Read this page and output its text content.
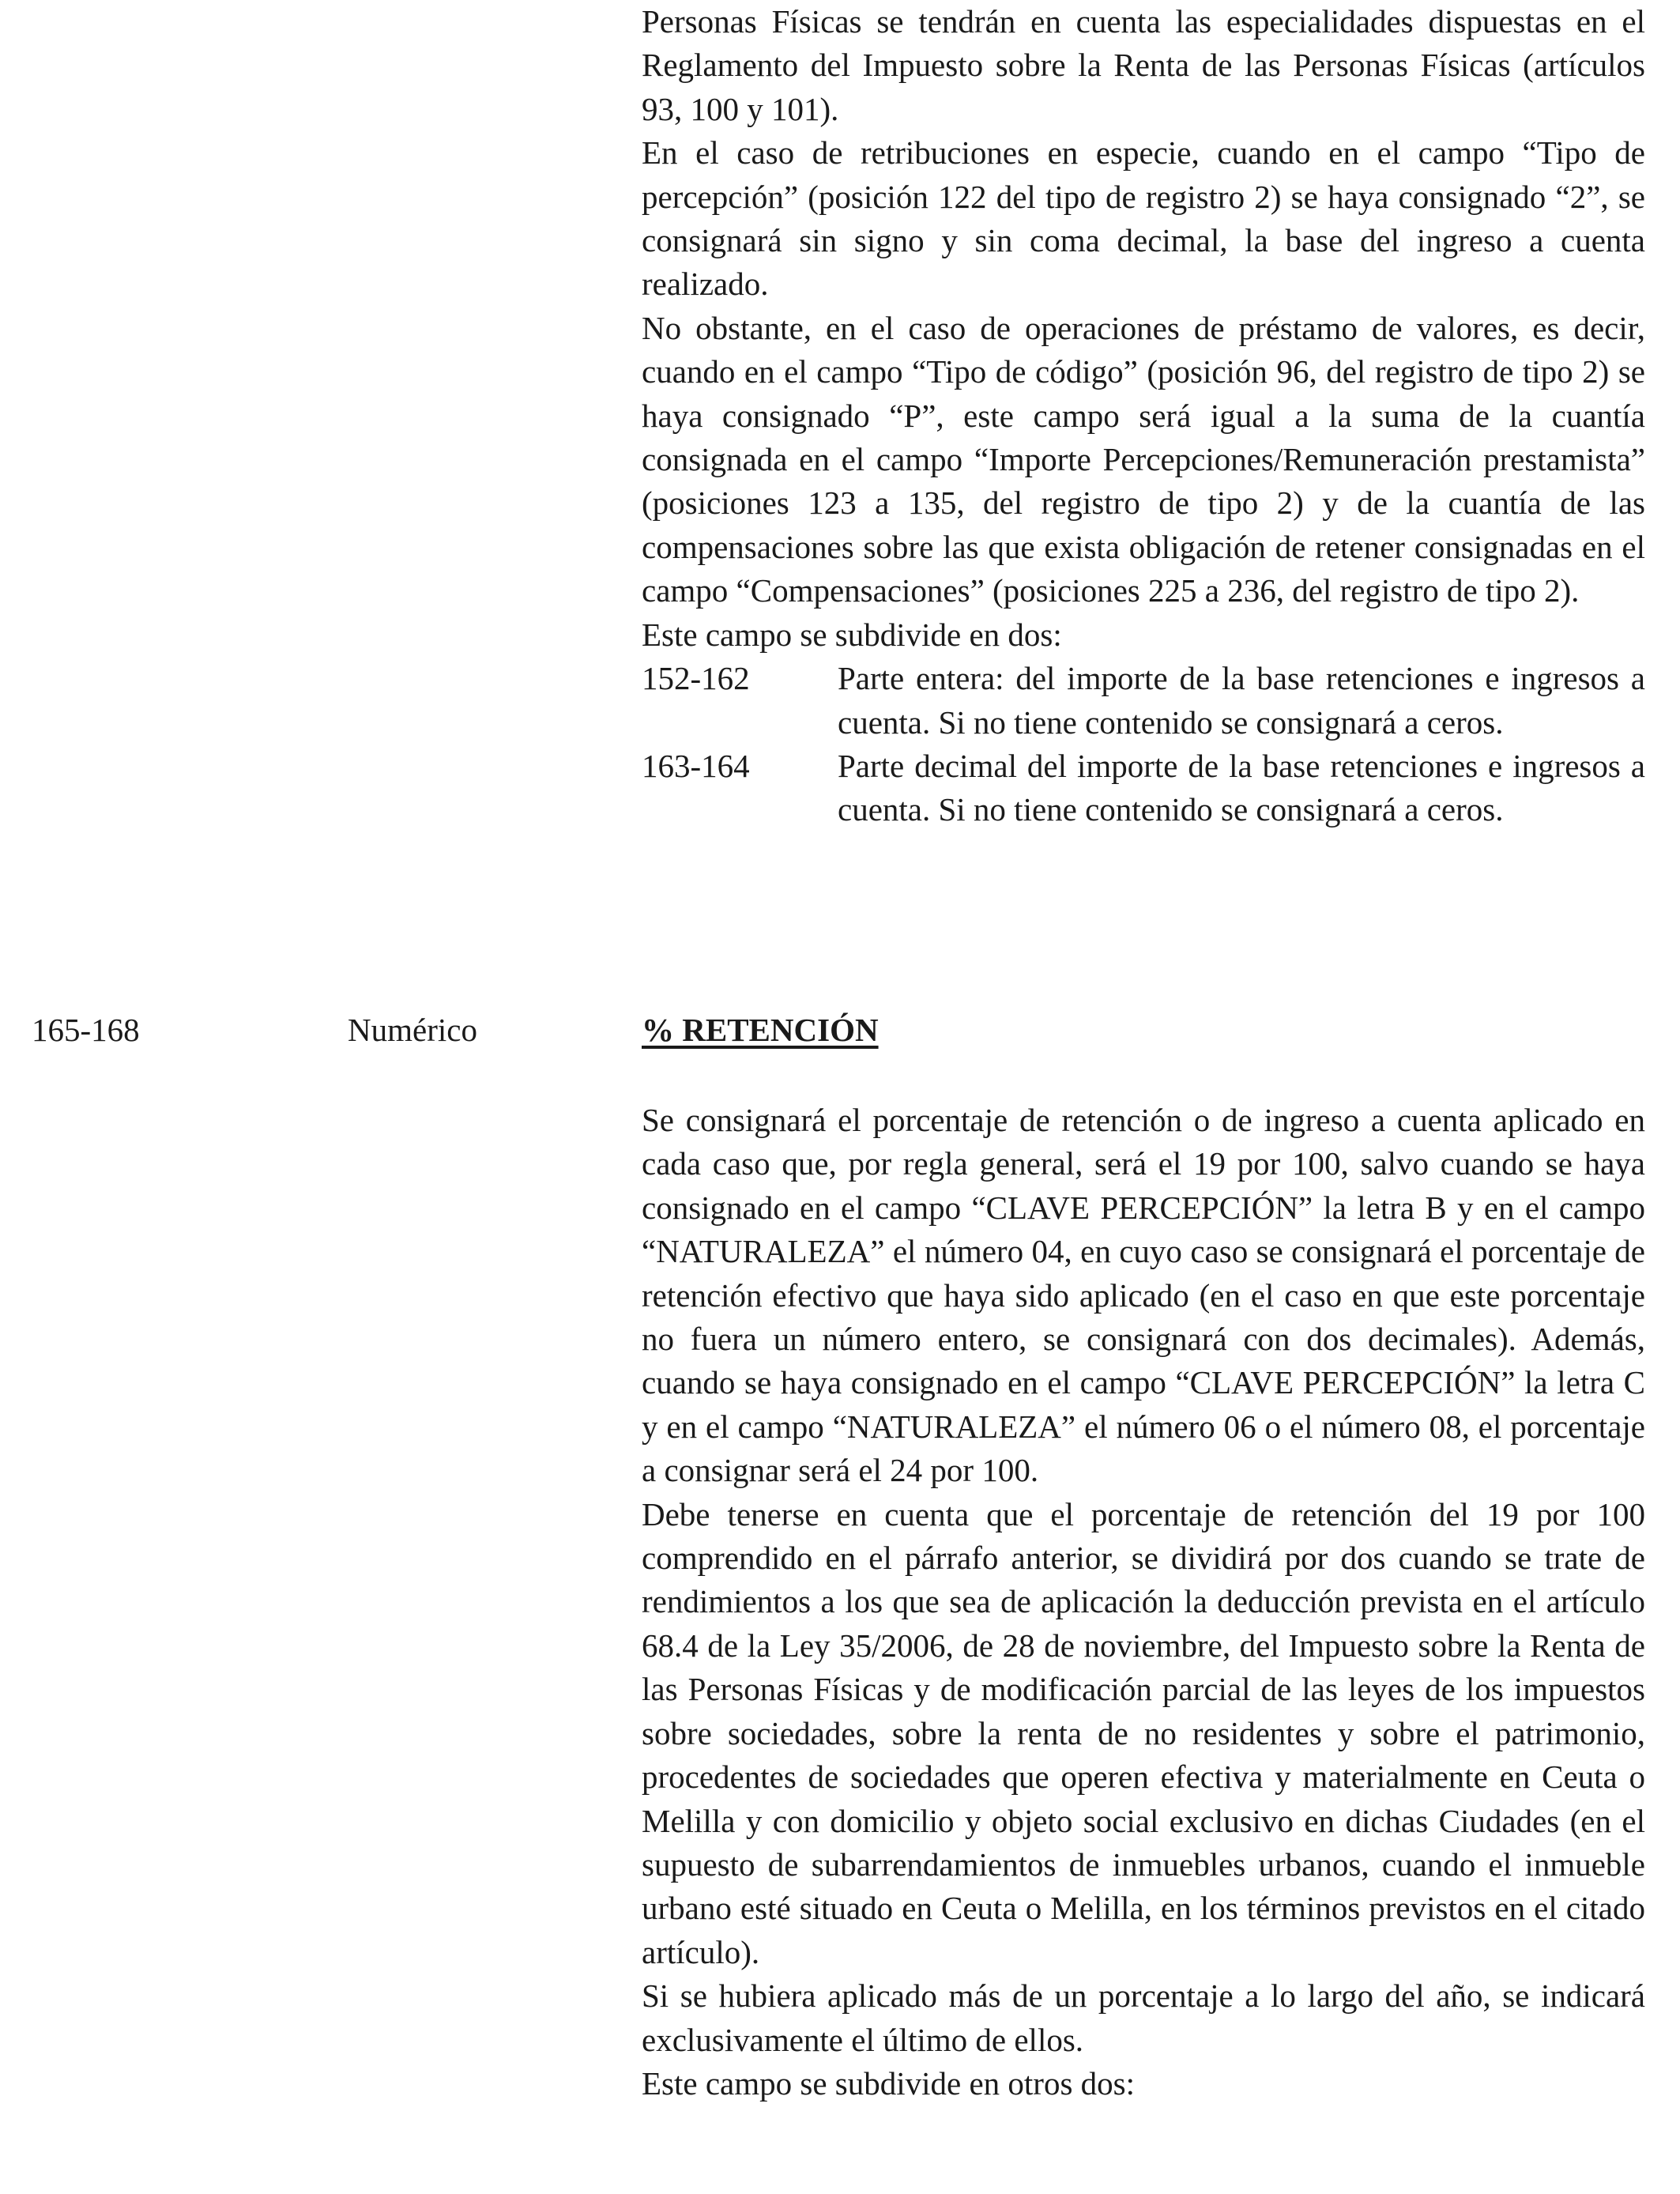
Personas Físicas se tendrán en cuenta las especialidades dispuestas en el Reglamento del Impuesto sobre la Renta de las Personas Físicas (artículos 93, 100 y 101).

En el caso de retribuciones en especie, cuando en el campo “Tipo de percepción” (posición 122 del tipo de registro 2) se haya consignado “2”, se consignará sin signo y sin coma decimal, la base del ingreso a cuenta realizado.

No obstante, en el caso de operaciones de préstamo de valores, es decir, cuando en el campo “Tipo de código” (posición 96, del registro de tipo 2) se haya consignado “P”, este campo será igual a la suma de la cuantía consignada en el campo “Importe Percepciones/Remuneración prestamista” (posiciones 123 a 135, del registro de tipo 2) y de la cuantía de las compensaciones sobre las que exista obligación de retener consignadas en el campo “Compensaciones” (posiciones 225 a 236, del registro de tipo 2).

Este campo se subdivide en dos:

152-162	Parte entera: del importe de la base retenciones e ingresos a cuenta. Si no tiene contenido se consignará a ceros.
163-164	Parte decimal del importe de la base retenciones e ingresos a cuenta. Si no tiene contenido se consignará a ceros.
165-168	Numérico	% RETENCIÓN

Se consignará el porcentaje de retención o de ingreso a cuenta aplicado en cada caso que, por regla general, será el 19 por 100, salvo cuando se haya consignado en el campo “CLAVE PERCEPCIÓN” la letra B y en el campo “NATURALEZA” el número 04, en cuyo caso se consignará el porcentaje de retención efectivo que haya sido aplicado (en el caso en que este porcentaje no fuera un número entero, se consignará con dos decimales). Además, cuando se haya consignado en el campo “CLAVE PERCEPCIÓN” la letra C y en el campo “NATURALEZA” el número 06 o el número 08, el porcentaje a consignar será el 24 por 100.

Debe tenerse en cuenta que el porcentaje de retención del 19 por 100 comprendido en el párrafo anterior, se dividirá por dos cuando se trate de rendimientos a los que sea de aplicación la deducción prevista en el artículo 68.4 de la Ley 35/2006, de 28 de noviembre, del Impuesto sobre la Renta de las Personas Físicas y de modificación parcial de las leyes de los impuestos sobre sociedades, sobre la renta de no residentes y sobre el patrimonio, procedentes de sociedades que operen efectiva y materialmente en Ceuta o Melilla y con domicilio y objeto social exclusivo en dichas Ciudades (en el supuesto de subarrendamientos de inmuebles urbanos, cuando el inmueble urbano esté situado en Ceuta o Melilla, en los términos previstos en el citado artículo).

Si se hubiera aplicado más de un porcentaje a lo largo del año, se indicará exclusivamente el último de ellos.

Este campo se subdivide en otros dos:
